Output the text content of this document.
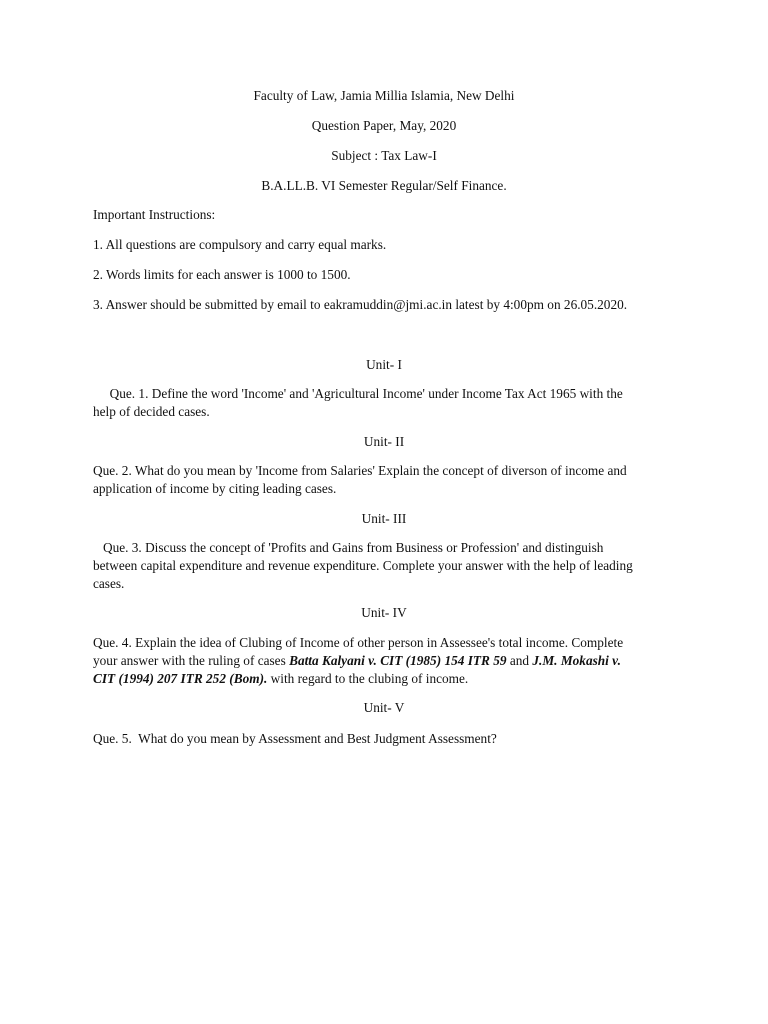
Faculty of Law, Jamia Millia Islamia, New Delhi
Question Paper, May, 2020
Subject : Tax Law-I
B.A.LL.B. VI Semester Regular/Self Finance.
Important Instructions:
1. All questions are compulsory and carry equal marks.
2. Words limits for each answer is 1000 to 1500.
3. Answer should be submitted by email to eakramuddin@jmi.ac.in latest by 4:00pm on 26.05.2020.
Unit- I
Que. 1. Define the word 'Income' and 'Agricultural Income' under Income Tax Act 1965 with the
help of decided cases.
Unit- II
Que. 2. What do you mean by 'Income from Salaries' Explain the concept of diverson of income and
application of income by citing leading cases.
Unit- III
Que. 3. Discuss the concept of 'Profits and Gains from Business or Profession' and distinguish
between capital expenditure and revenue expenditure. Complete your answer with the help of leading
cases.
Unit- IV
Que. 4. Explain the idea of Clubing of Income of other person in Assessee's total income. Complete
your answer with the ruling of cases Batta Kalyani v. CIT (1985) 154 ITR 59 and J.M. Mokashi v.
CIT (1994) 207 ITR 252 (Bom). with regard to the clubing of income.
Unit- V
Que. 5.  What do you mean by Assessment and Best Judgment Assessment?
